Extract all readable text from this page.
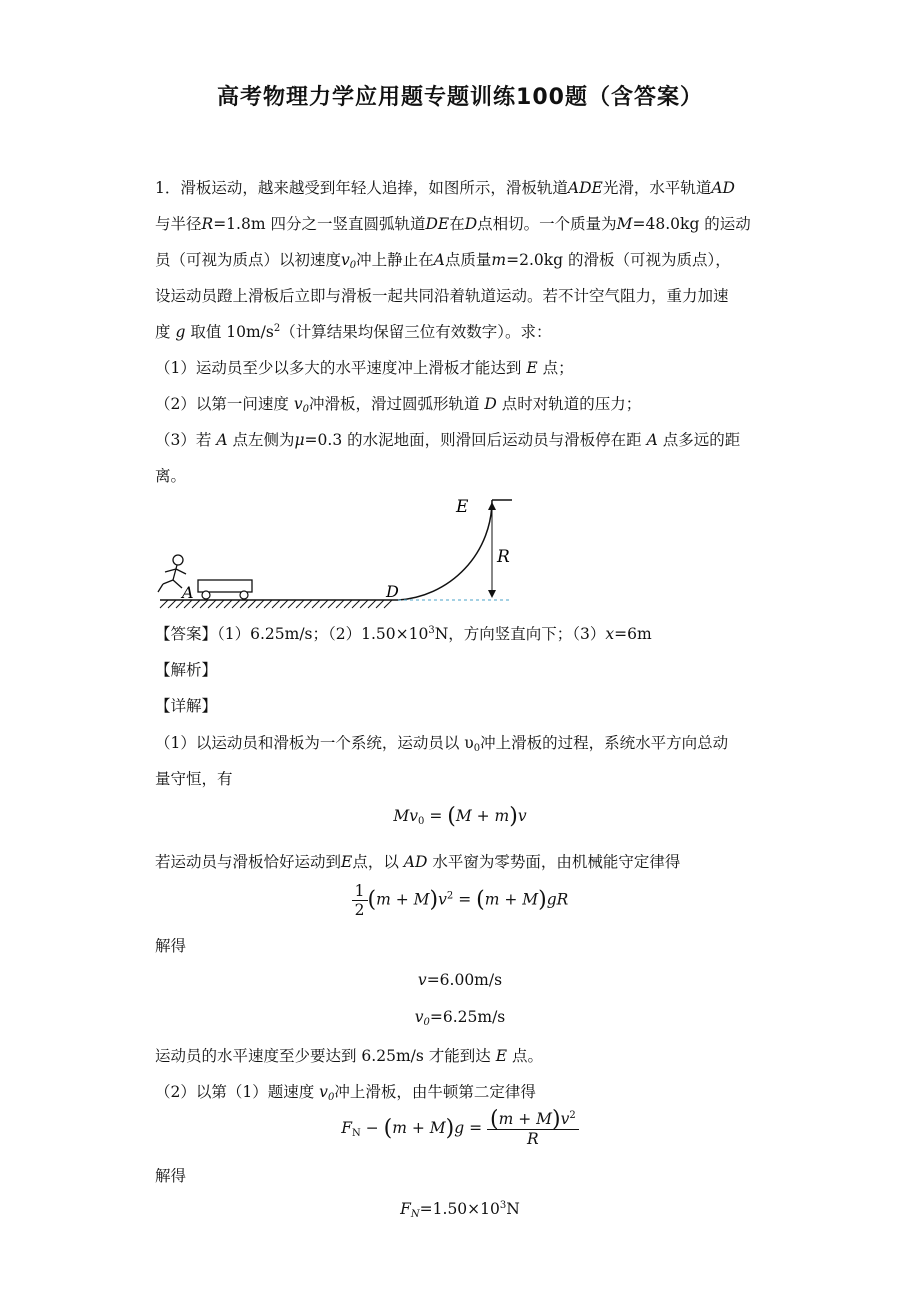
高考物理力学应用题专题训练100题（含答案）
1．滑板运动，越来越受到年轻人追捧，如图所示，滑板轨道ADE光滑，水平轨道AD
与半径R=1.8m 四分之一竖直圆弧轨道DE在D点相切。一个质量为M=48.0kg 的运动
员（可视为质点）以初速度$v_0$冲上静止在A点质量m=2.0kg 的滑板（可视为质点），
设运动员蹬上滑板后立即与滑板一起共同沿着轨道运动。若不计空气阻力，重力加速
度 g 取值 $10m/s^2$（计算结果均保留三位有效数字）。求：
（1）运动员至少以多大的水平速度冲上滑板才能达到 E 点；
（2）以第一问速度 $v_0$冲滑板，滑过圆弧形轨道 D 点时对轨道的压力；
（3）若 A 点左侧为μ=0.3 的水泥地面，则滑回后运动员与滑板停在距 A 点多远的距
离。
E
R
A	D
【答案】（1）6.25m/s；$(2)1.50\times 10^3N$，方向竖直向下；（3）x=6m
【解析】
【详解】
（1）以运动员和滑板为一个系统，运动员以 $\upsilon_0$冲上滑板的过程，系统水平方向总动
量守恒，有
$Mv_0 = (M + m)v$
若运动员与滑板恰好运动到E点，以 AD 水平窗为零势面，由机械能守定律得
$\frac{1}{2} (m + M)v^2 = (m + M)gR$
解得
v=6.00m/s
$v_0=6.25m/s$
运动员的水平速度至少要达到 6.25m/s 才能到达 E 点。
（2）以第（1）题速度 $v_0$冲上滑板，由牛顿第二定律得
$F_N - (m + M)g = \frac{(m + M)v^2}{R}$
解得
$F_N=1.50\times 10^3N$
